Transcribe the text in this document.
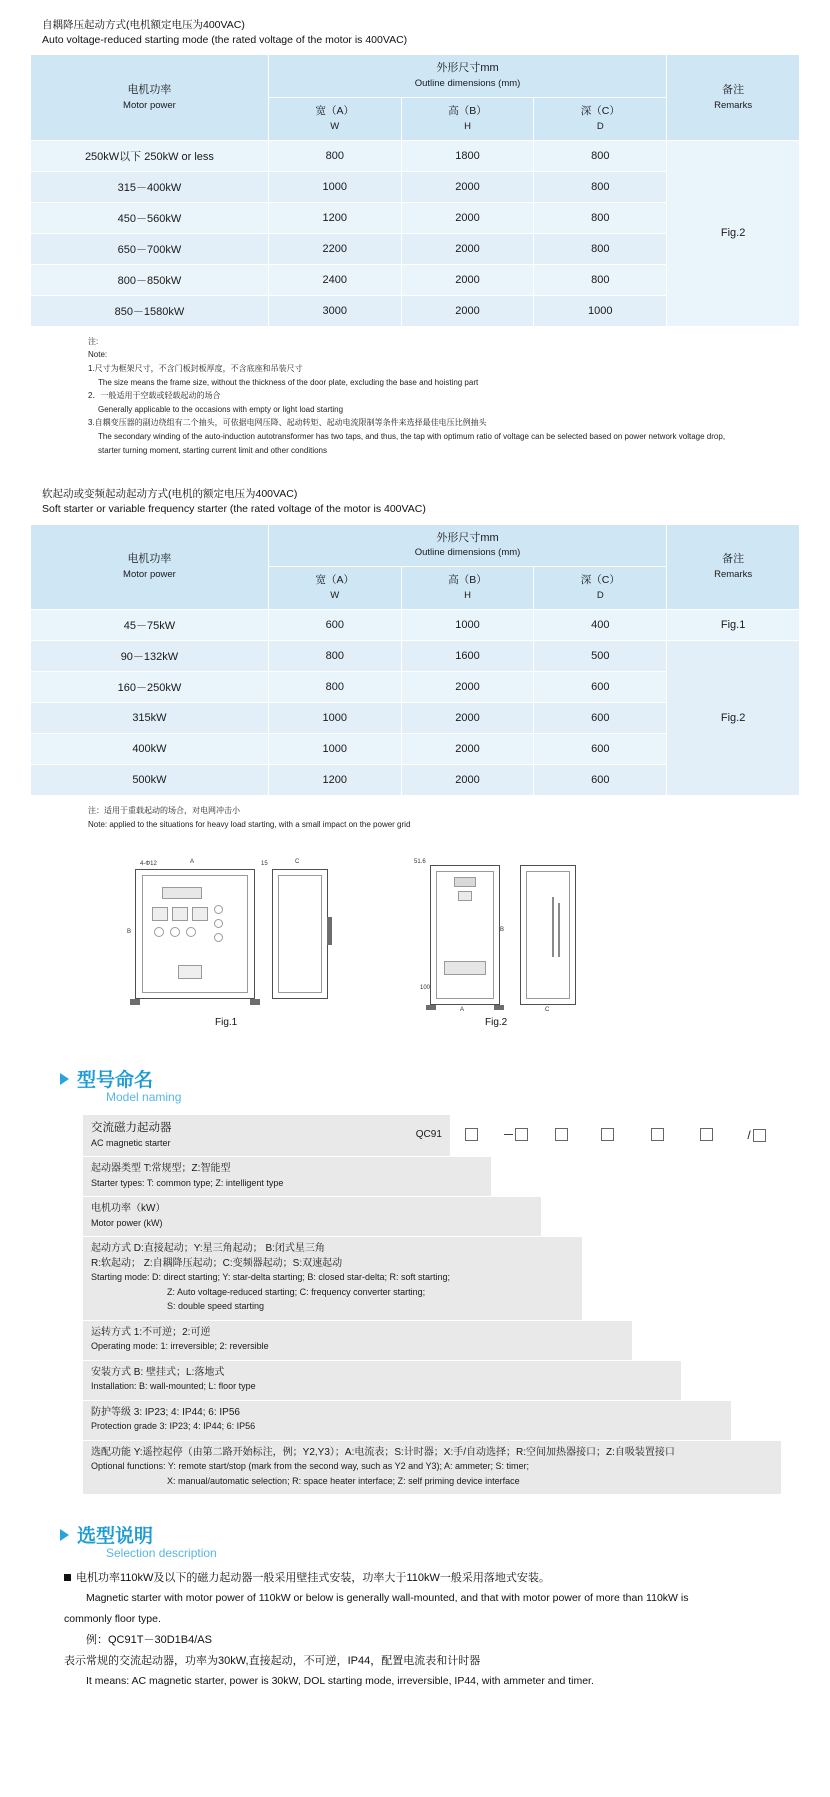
自耦降压起动方式(电机额定电压为400VAC)
Auto voltage-reduced starting mode (the rated voltage of the motor is 400VAC)
电机功率
Motor power	外形尺寸mm
Outline dimensions (mm)			备注
Remarks
	宽（A）
W	高（B）
H	深（C）
D	
250kW以下 250kW or less	800	1800	800	Fig.2
315－400kW	1000	2000	800	
450－560kW	1200	2000	800	
650－700kW	2200	2000	800	
800－850kW	2400	2000	800	
850－1580kW	3000	2000	1000	
注:
Note:
1.尺寸为框架尺寸，不含门板封板厚度，不含底座和吊装尺寸

The size means the frame size, without the thickness of the door plate, excluding the base and hoisting part
2．一般适用于空载或轻载起动的场合

Generally applicable to the occasions with empty or light load starting
3.自耦变压器的副边绕组有二个抽头，可依据电网压降、起动转矩、起动电流限制等条件来选择最佳电压比例抽头

The secondary winding of the auto-induction autotransformer has two taps, and thus, the tap with optimum ratio of voltage can be selected based on power network voltage drop,
starter turning moment, starting current limit and other conditions
软起动或变频起动起动方式(电机的额定电压为400VAC)
Soft starter or variable frequency starter (the rated voltage of the motor is 400VAC)
电机功率
Motor power	外形尺寸mm
Outline dimensions (mm)			备注
Remarks
	宽（A）
W	高（B）
H	深（C）
D	
45－75kW	600	1000	400	Fig.1
90－132kW	800	1600	500	Fig.2
160－250kW	800	2000	600	
315kW	1000	2000	600	
400kW	1000	2000	600	
500kW	1200	2000	600	
注：适用于重载起动的场合，对电网冲击小
Note: applied to the situations for heavy load starting, with a small impact on the power grid
A
B
C
15
4-Φ12
Fig.1
51.6
100
B
A	C
Fig.2
型号命名
Model naming
交流磁力起动器
AC magnetic starter
QC91							/
起动器类型 T:常规型；Z:智能型
Starter types: T: common type; Z: intelligent type							
电机功率（kW）
Motor power (kW)							
起动方式 D:直接起动；Y:星三角起动； B:闭式星三角
R:软起动； Z:自耦降压起动；C:变频器起动；S:双速起动
Starting mode: D: direct starting; Y: star-delta starting; B: closed star-delta; R: soft starting;
Z: Auto voltage-reduced starting; C: frequency converter starting;
S: double speed starting							
运转方式 1:不可逆；2:可逆
Operating mode: 1: irreversible; 2: reversible							
安装方式 B: 壁挂式；L:落地式
Installation: B: wall-mounted; L: floor type							
防护等级 3: IP23; 4: IP44; 6: IP56
Protection grade 3: IP23; 4: IP44; 6: IP56							
选配功能 Y:遥控起停（由第二路开始标注，例；Y2,Y3）；A:电流表；S:计时器；X:手/自动选择；R:空间加热器接口；Z:自吸装置接口
Optional functions: Y: remote start/stop (mark from the second way, such as Y2 and Y3); A: ammeter; S: timer;
X: manual/automatic selection; R: space heater interface; Z: self priming device interface							
选型说明
Selection description
电机功率110kW及以下的磁力起动器一般采用壁挂式安装，功率大于110kW一般采用落地式安装。

Magnetic starter with motor power of 110kW or below is generally wall-mounted, and that with motor power of more than 110kW is
commonly floor type.

例：QC91T－30D1B4/AS
表示常规的交流起动器，功率为30kW,直接起动，不可逆，IP44，配置电流表和计时器

It means: AC magnetic starter, power is 30kW, DOL starting mode, irreversible, IP44, with ammeter and timer.
